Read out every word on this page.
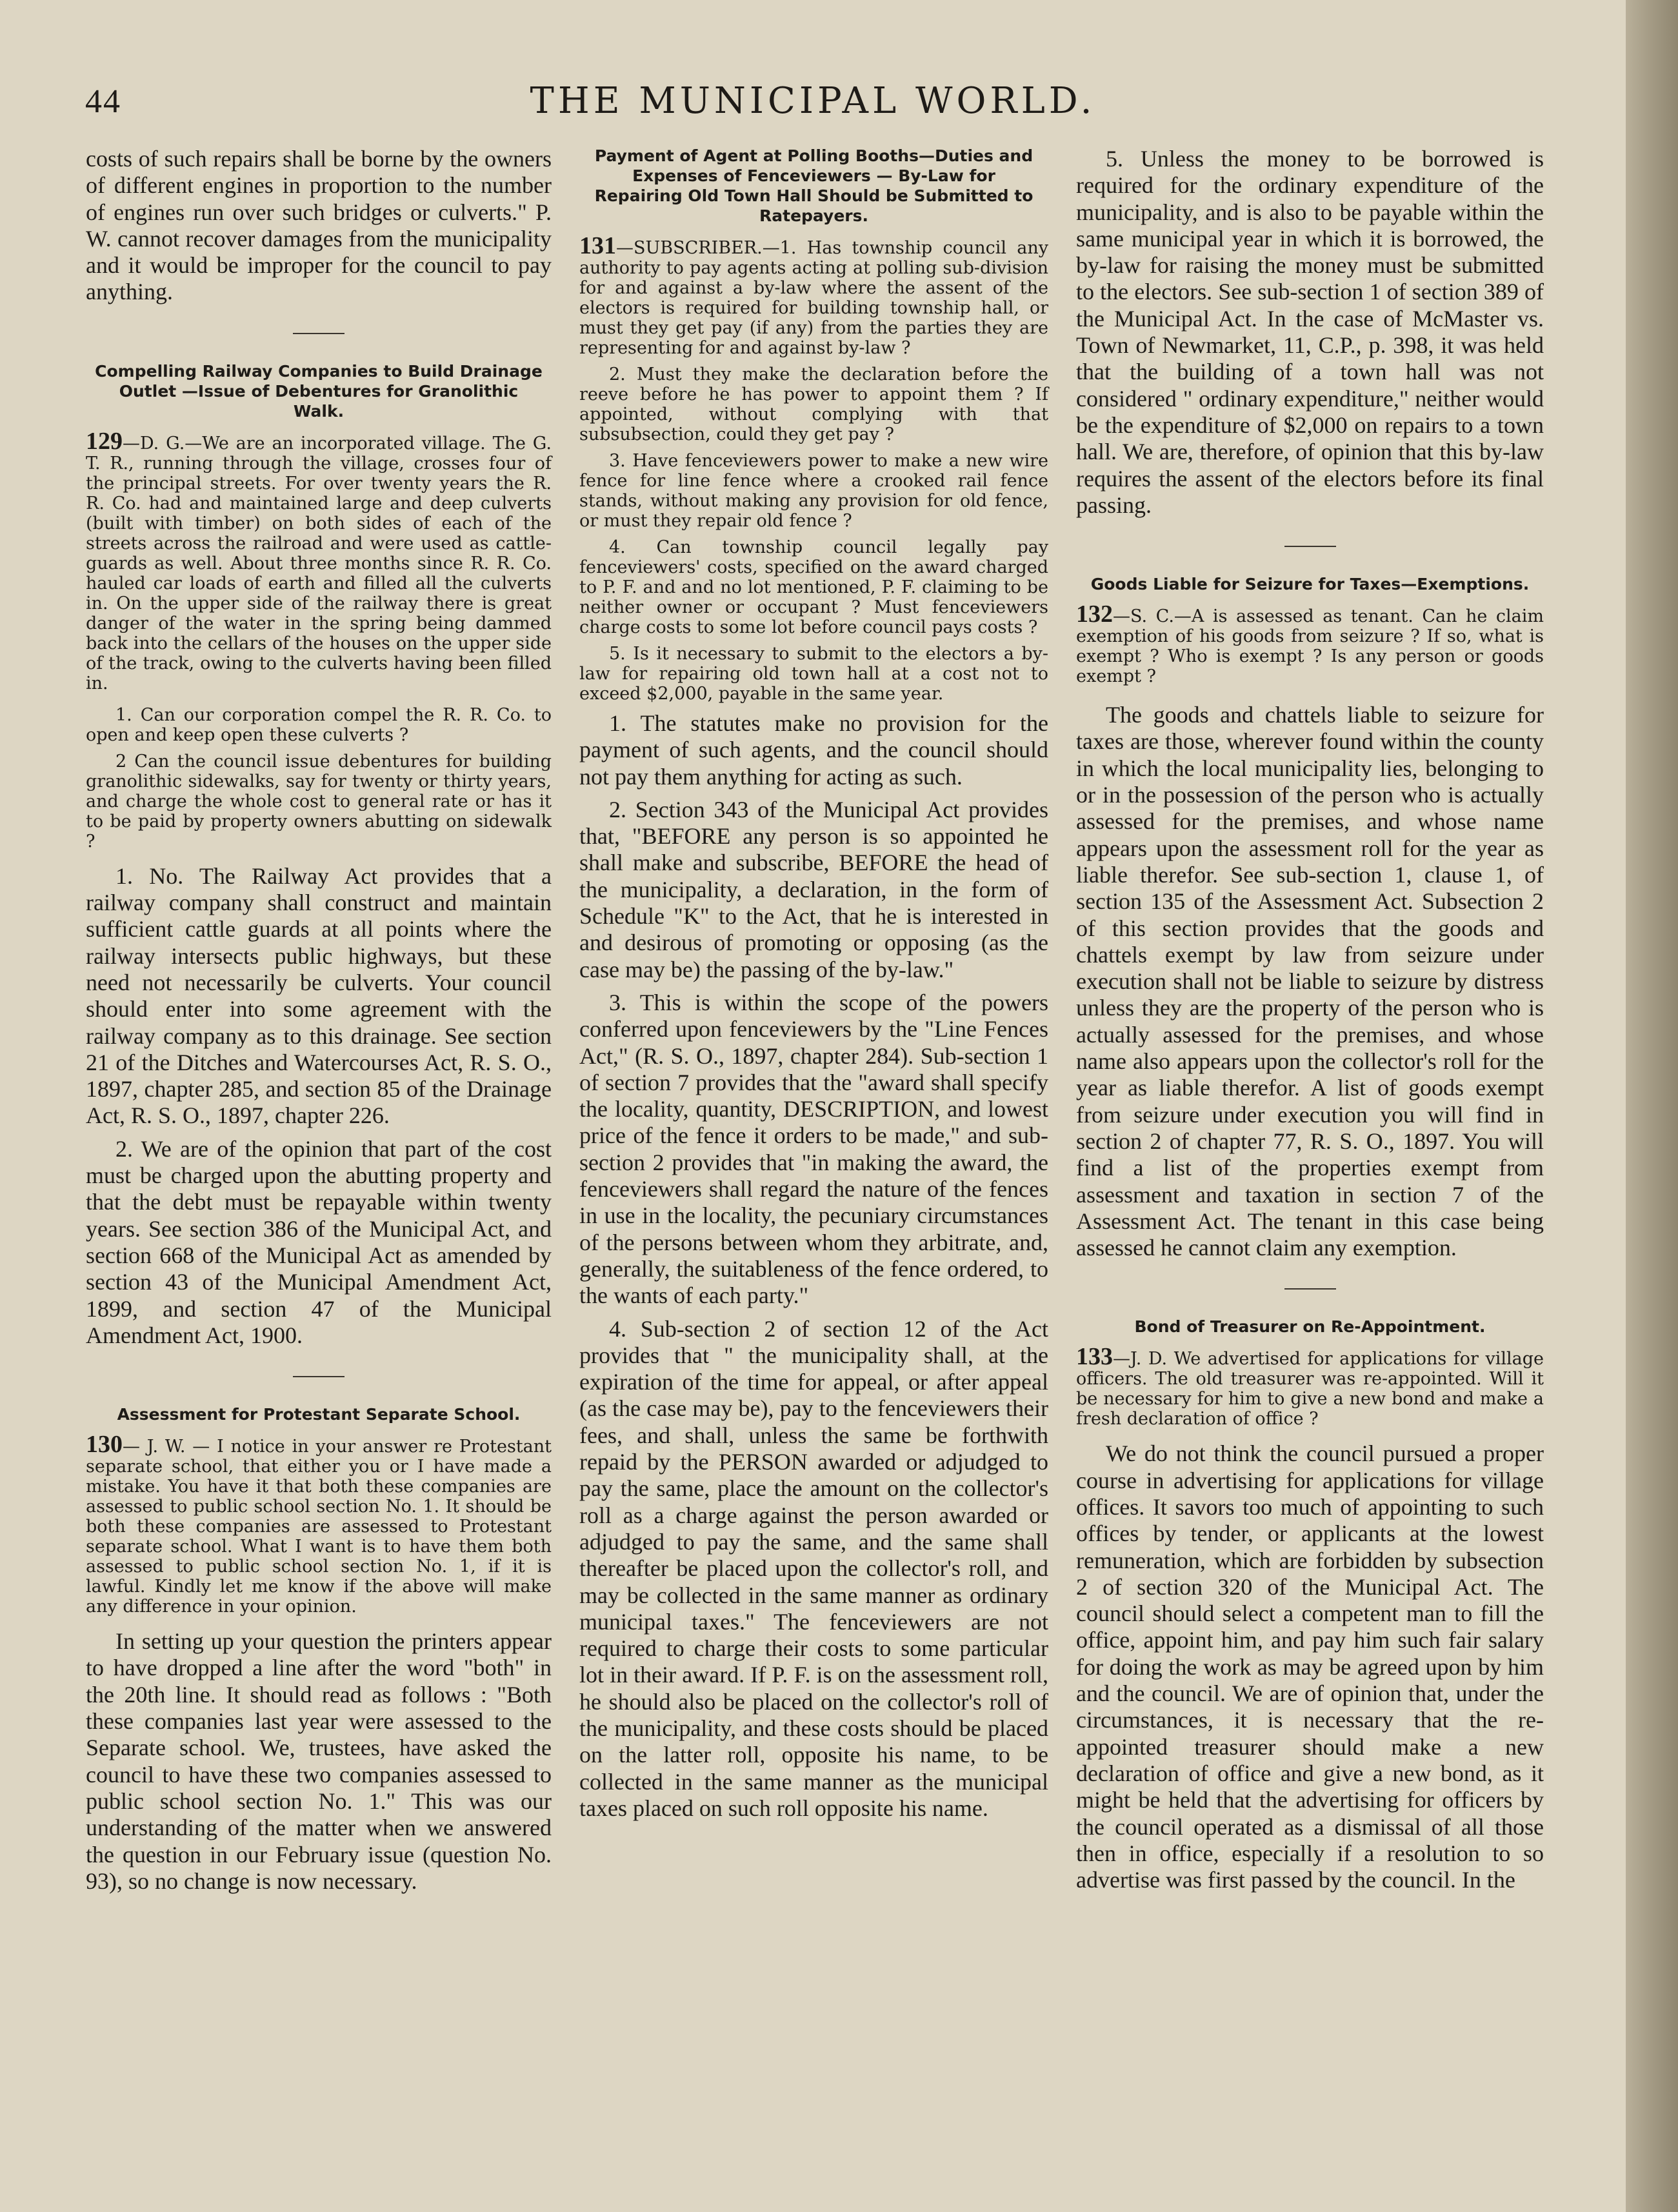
44	THE MUNICIPAL WORLD.

costs of such repairs shall be borne by the owners of different engines in proportion to the number of engines run over such bridges or culverts." P. W. cannot recover damages from the municipality and it would be improper for the council to pay anything.

Compelling Railway Companies to Build Drainage Outlet —Issue of Debentures for Granolithic Walk.

129—D. G.—We are an incorporated village. The G. T. R., running through the village, crosses four of the principal streets. For over twenty years the R. R. Co. had and maintained large and deep culverts (built with timber) on both sides of each of the streets across the railroad and were used as cattle-guards as well. About three months since R. R. Co. hauled car loads of earth and filled all the culverts in. On the upper side of the railway there is great danger of the water in the spring being dammed back into the cellars of the houses on the upper side of the track, owing to the culverts having been filled in.

1. Can our corporation compel the R. R. Co. to open and keep open these culverts ?

2 Can the council issue debentures for building granolithic sidewalks, say for twenty or thirty years, and charge the whole cost to general rate or has it to be paid by property owners abutting on sidewalk ?

1. No. The Railway Act provides that a railway company shall construct and maintain sufficient cattle guards at all points where the railway intersects public highways, but these need not necessarily be culverts. Your council should enter into some agreement with the railway company as to this drainage. See section 21 of the Ditches and Watercourses Act, R. S. O., 1897, chapter 285, and section 85 of the Drainage Act, R. S. O., 1897, chapter 226.

2. We are of the opinion that part of the cost must be charged upon the abutting property and that the debt must be repayable within twenty years. See section 386 of the Municipal Act, and section 668 of the Municipal Act as amended by section 43 of the Municipal Amendment Act, 1899, and section 47 of the Municipal Amendment Act, 1900.

Assessment for Protestant Separate School.

130— J. W. — I notice in your answer re Protestant separate school, that either you or I have made a mistake. You have it that both these companies are assessed to public school section No. 1. It should be both these companies are assessed to Protestant separate school. What I want is to have them both assessed to public school section No. 1, if it is lawful. Kindly let me know if the above will make any difference in your opinion.

In setting up your question the printers appear to have dropped a line after the word "both" in the 20th line. It should read as follows : "Both these companies last year were assessed to the Separate school. We, trustees, have asked the council to have these two companies assessed to public school section No. 1." This was our understanding of the matter when we answered the question in our February issue (question No. 93), so no change is now necessary.

Payment of Agent at Polling Booths—Duties and Expenses of Fenceviewers — By-Law for Repairing Old Town Hall Should be Submitted to Ratepayers.

131—SUBSCRIBER.—1. Has township council any authority to pay agents acting at polling sub-division for and against a by-law where the assent of the electors is required for building township hall, or must they get pay (if any) from the parties they are representing for and against by-law ?

2. Must they make the declaration before the reeve before he has power to appoint them ? If appointed, without complying with that subsubsection, could they get pay ?

3. Have fenceviewers power to make a new wire fence for line fence where a crooked rail fence stands, without making any provision for old fence, or must they repair old fence ?

4. Can township council legally pay fenceviewers' costs, specified on the award charged to P. F. and and no lot mentioned, P. F. claiming to be neither owner or occupant ? Must fenceviewers charge costs to some lot before council pays costs ?

5. Is it necessary to submit to the electors a by-law for repairing old town hall at a cost not to exceed $2,000, payable in the same year.

1. The statutes make no provision for the payment of such agents, and the council should not pay them anything for acting as such.

2. Section 343 of the Municipal Act provides that, "BEFORE any person is so appointed he shall make and subscribe, BEFORE the head of the municipality, a declaration, in the form of Schedule "K" to the Act, that he is interested in and desirous of promoting or opposing (as the case may be) the passing of the by-law."

3. This is within the scope of the powers conferred upon fenceviewers by the "Line Fences Act," (R. S. O., 1897, chapter 284). Sub-section 1 of section 7 provides that the "award shall specify the locality, quantity, DESCRIPTION, and lowest price of the fence it orders to be made," and sub-section 2 provides that "in making the award, the fenceviewers shall regard the nature of the fences in use in the locality, the pecuniary circumstances of the persons between whom they arbitrate, and, generally, the suitableness of the fence ordered, to the wants of each party."

4. Sub-section 2 of section 12 of the Act provides that " the municipality shall, at the expiration of the time for appeal, or after appeal (as the case may be), pay to the fenceviewers their fees, and shall, unless the same be forthwith repaid by the PERSON awarded or adjudged to pay the same, place the amount on the collector's roll as a charge against the person awarded or adjudged to pay the same, and the same shall thereafter be placed upon the collector's roll, and may be collected in the same manner as ordinary municipal taxes." The fenceviewers are not required to charge their costs to some particular lot in their award. If P. F. is on the assessment roll, he should also be placed on the collector's roll of the municipality, and these costs should be placed on the latter roll, opposite his name, to be collected in the same manner as the municipal taxes placed on such roll opposite his name.

5. Unless the money to be borrowed is required for the ordinary expenditure of the municipality, and is also to be payable within the same municipal year in which it is borrowed, the by-law for raising the money must be submitted to the electors. See sub-section 1 of section 389 of the Municipal Act. In the case of McMaster vs. Town of Newmarket, 11, C.P., p. 398, it was held that the building of a town hall was not considered " ordinary expenditure," neither would be the expenditure of $2,000 on repairs to a town hall. We are, therefore, of opinion that this by-law requires the assent of the electors before its final passing.

Goods Liable for Seizure for Taxes—Exemptions.

132—S. C.—A is assessed as tenant. Can he claim exemption of his goods from seizure ? If so, what is exempt ? Who is exempt ? Is any person or goods exempt ?

The goods and chattels liable to seizure for taxes are those, wherever found within the county in which the local municipality lies, belonging to or in the possession of the person who is actually assessed for the premises, and whose name appears upon the assessment roll for the year as liable therefor. See sub-section 1, clause 1, of section 135 of the Assessment Act. Subsection 2 of this section provides that the goods and chattels exempt by law from seizure under execution shall not be liable to seizure by distress unless they are the property of the person who is actually assessed for the premises, and whose name also appears upon the collector's roll for the year as liable therefor. A list of goods exempt from seizure under execution you will find in section 2 of chapter 77, R. S. O., 1897. You will find a list of the properties exempt from assessment and taxation in section 7 of the Assessment Act. The tenant in this case being assessed he cannot claim any exemption.

Bond of Treasurer on Re-Appointment.

133—J. D. We advertised for applications for village officers. The old treasurer was re-appointed. Will it be necessary for him to give a new bond and make a fresh declaration of office ?

We do not think the council pursued a proper course in advertising for applications for village offices. It savors too much of appointing to such offices by tender, or applicants at the lowest remuneration, which are forbidden by subsection 2 of section 320 of the Municipal Act. The council should select a competent man to fill the office, appoint him, and pay him such fair salary for doing the work as may be agreed upon by him and the council. We are of opinion that, under the circumstances, it is necessary that the re-appointed treasurer should make a new declaration of office and give a new bond, as it might be held that the advertising for officers by the council operated as a dismissal of all those then in office, especially if a resolution to so advertise was first passed by the council. In the
